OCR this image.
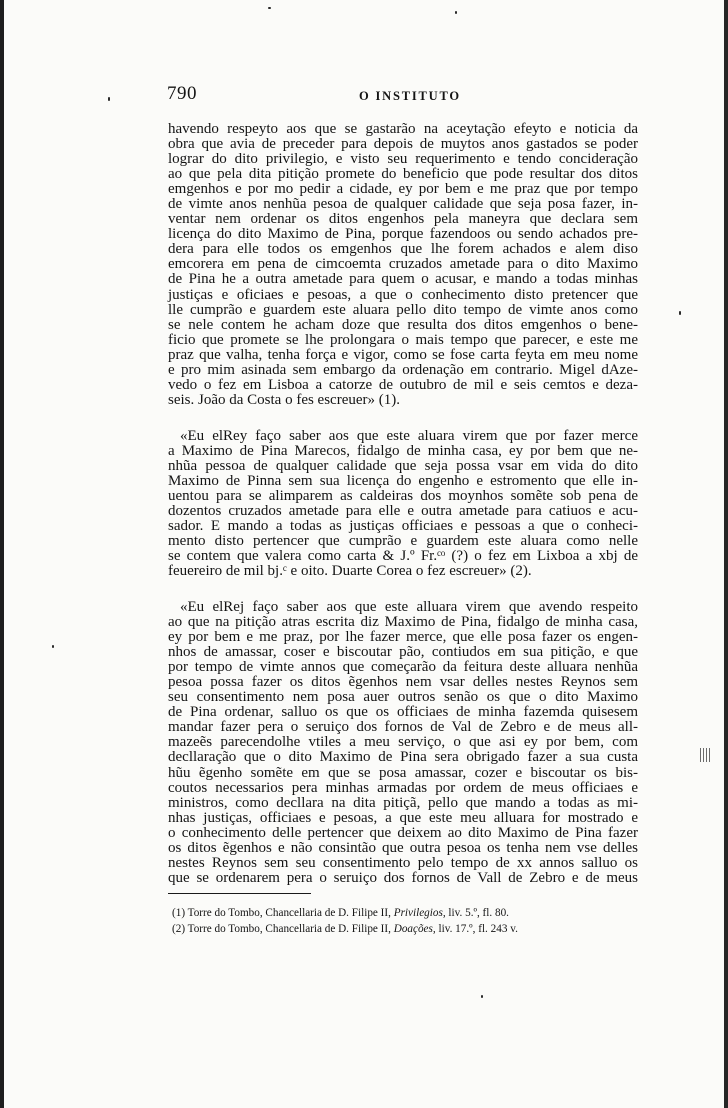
790	O INSTITUTO
havendo respeyto aos que se gastarão na aceytação efeyto e noticia da
obra que avia de preceder para depois de muytos anos gastados se poder
lograr do dito privilegio, e visto seu requerimento e tendo concideração
ao que pela dita pitição promete do beneficio que pode resultar dos ditos
emgenhos e por mo pedir a cidade, ey por bem e me praz que por tempo
de vimte anos nenhũa pesoa de qualquer calidade que seja posa fazer, in-
ventar nem ordenar os ditos engenhos pela maneyra que declara sem
licença do dito Maximo de Pina, porque fazendoos ou sendo achados pre-
dera para elle todos os emgenhos que lhe forem achados e alem diso
emcorera em pena de cimcoemta cruzados ametade para o dito Maximo
de Pina he a outra ametade para quem o acusar, e mando a todas minhas
justiças e oficiaes e pesoas, a que o conhecimento disto pretencer que
lle cumprão e guardem este aluara pello dito tempo de vimte anos como
se nele contem he acham doze que resulta dos ditos emgenhos o bene-
ficio que promete se lhe prolongara o mais tempo que parecer, e este me
praz que valha, tenha força e vigor, como se fose carta feyta em meu nome
e pro mim asinada sem embargo da ordenação em contrario. Migel dAze-
vedo o fez em Lisboa a catorze de outubro de mil e seis cemtos e deza-
seis. João da Costa o fes escreuer» (1).
«Eu elRey faço saber aos que este aluara virem que por fazer merce
a Maximo de Pina Marecos, fidalgo de minha casa, ey por bem que ne-
nhũa pessoa de qualquer calidade que seja possa vsar em vida do dito
Maximo de Pinna sem sua licença do engenho e estromento que elle in-
uentou para se alimparem as caldeiras dos moynhos somẽte sob pena de
dozentos cruzados ametade para elle e outra ametade para catiuos e acu-
sador. E mando a todas as justiças officiaes e pessoas a que o conheci-
mento disto pertencer que cumprão e guardem este aluara como nelle
se contem que valera como carta & J.º Fr.ᶜᵒ (?) o fez em Lixboa a xbj de
feuereiro de mil bj.ᶜ e oito. Duarte Corea o fez escreuer» (2).
«Eu elRej faço saber aos que este alluara virem que avendo respeito
ao que na pitição atras escrita diz Maximo de Pina, fidalgo de minha casa,
ey por bem e me praz, por lhe fazer merce, que elle posa fazer os engen-
nhos de amassar, coser e biscoutar pão, contiudos em sua pitição, e que
por tempo de vimte annos que começarão da feitura deste alluara nenhũa
pesoa possa fazer os ditos ẽgenhos nem vsar delles nestes Reynos sem
seu consentimento nem posa auer outros senão os que o dito Maximo
de Pina ordenar, salluo os que os officiaes de minha fazemda quisesem
mandar fazer pera o seruiço dos fornos de Val de Zebro e de meus all-
mazeẽs parecendolhe vtiles a meu serviço, o que asi ey por bem, com
decllaração que o dito Maximo de Pina sera obrigado fazer a sua custa
hũu ẽgenho somẽte em que se posa amassar, cozer e biscoutar os bis-
coutos necessarios pera minhas armadas por ordem de meus officiaes e
ministros, como decllara na dita pitiçã, pello que mando a todas as mi-
nhas justiças, officiaes e pesoas, a que este meu alluara for mostrado e
o conhecimento delle pertencer que deixem ao dito Maximo de Pina fazer
os ditos ẽgenhos e não consintão que outra pesoa os tenha nem vse delles
nestes Reynos sem seu consentimento pelo tempo de xx annos salluo os
que se ordenarem pera o seruiço dos fornos de Vall de Zebro e de meus
(1) Torre do Tombo, Chancellaria de D. Filipe II, Privilegios, liv. 5.º, fl. 80.
(2) Torre do Tombo, Chancellaria de D. Filipe II, Doações, liv. 17.º, fl. 243 v.
